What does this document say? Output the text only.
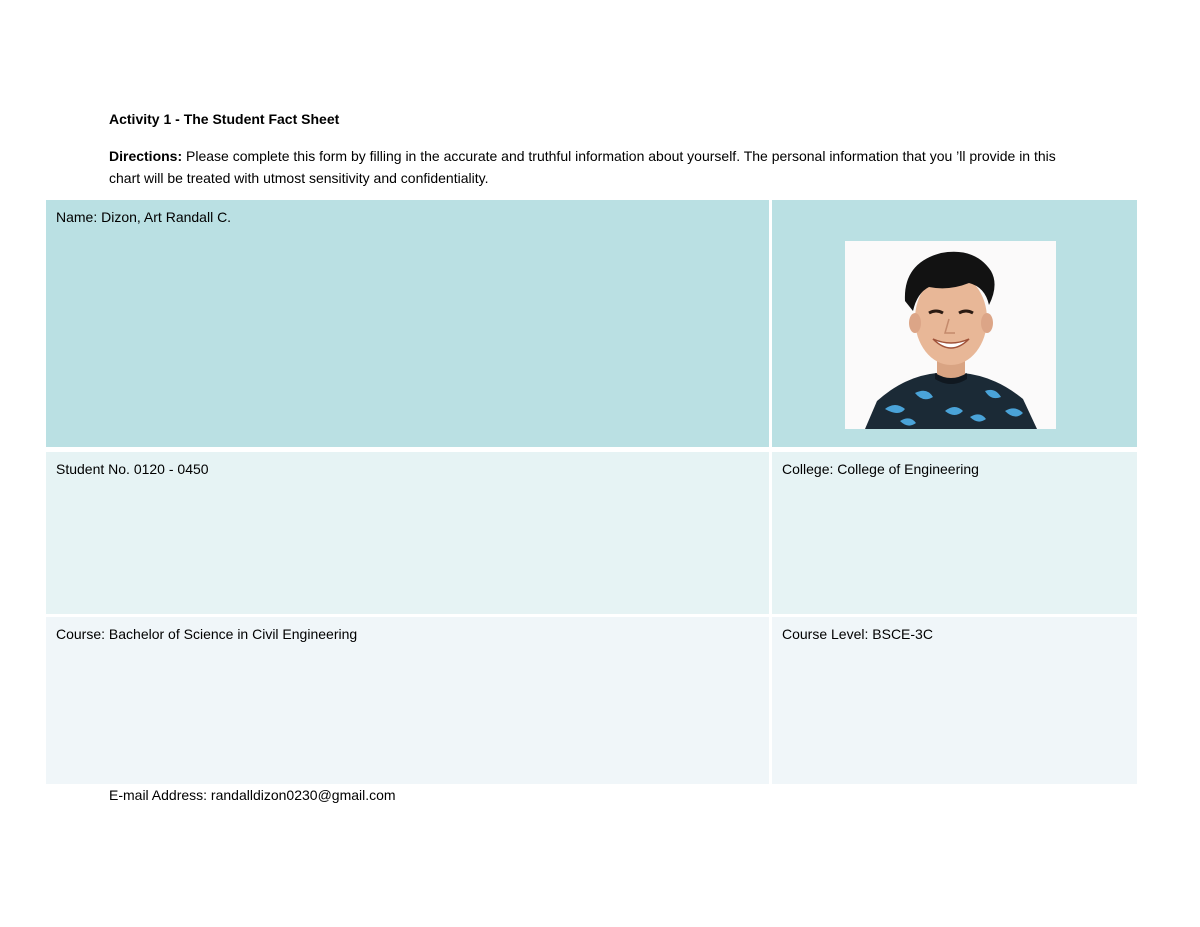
Activity 1 - The Student Fact Sheet
Directions: Please complete this form by filling in the accurate and truthful information about yourself. The personal information that you ’ll provide in this chart will be treated with utmost sensitivity and confidentiality.
Name: Dizon, Art Randall C.
Student No. 0120 - 0450	College: College of Engineering
Course: Bachelor of Science in Civil Engineering	Course Level: BSCE-3C
E-mail Address: randalldizon0230@gmail.com
